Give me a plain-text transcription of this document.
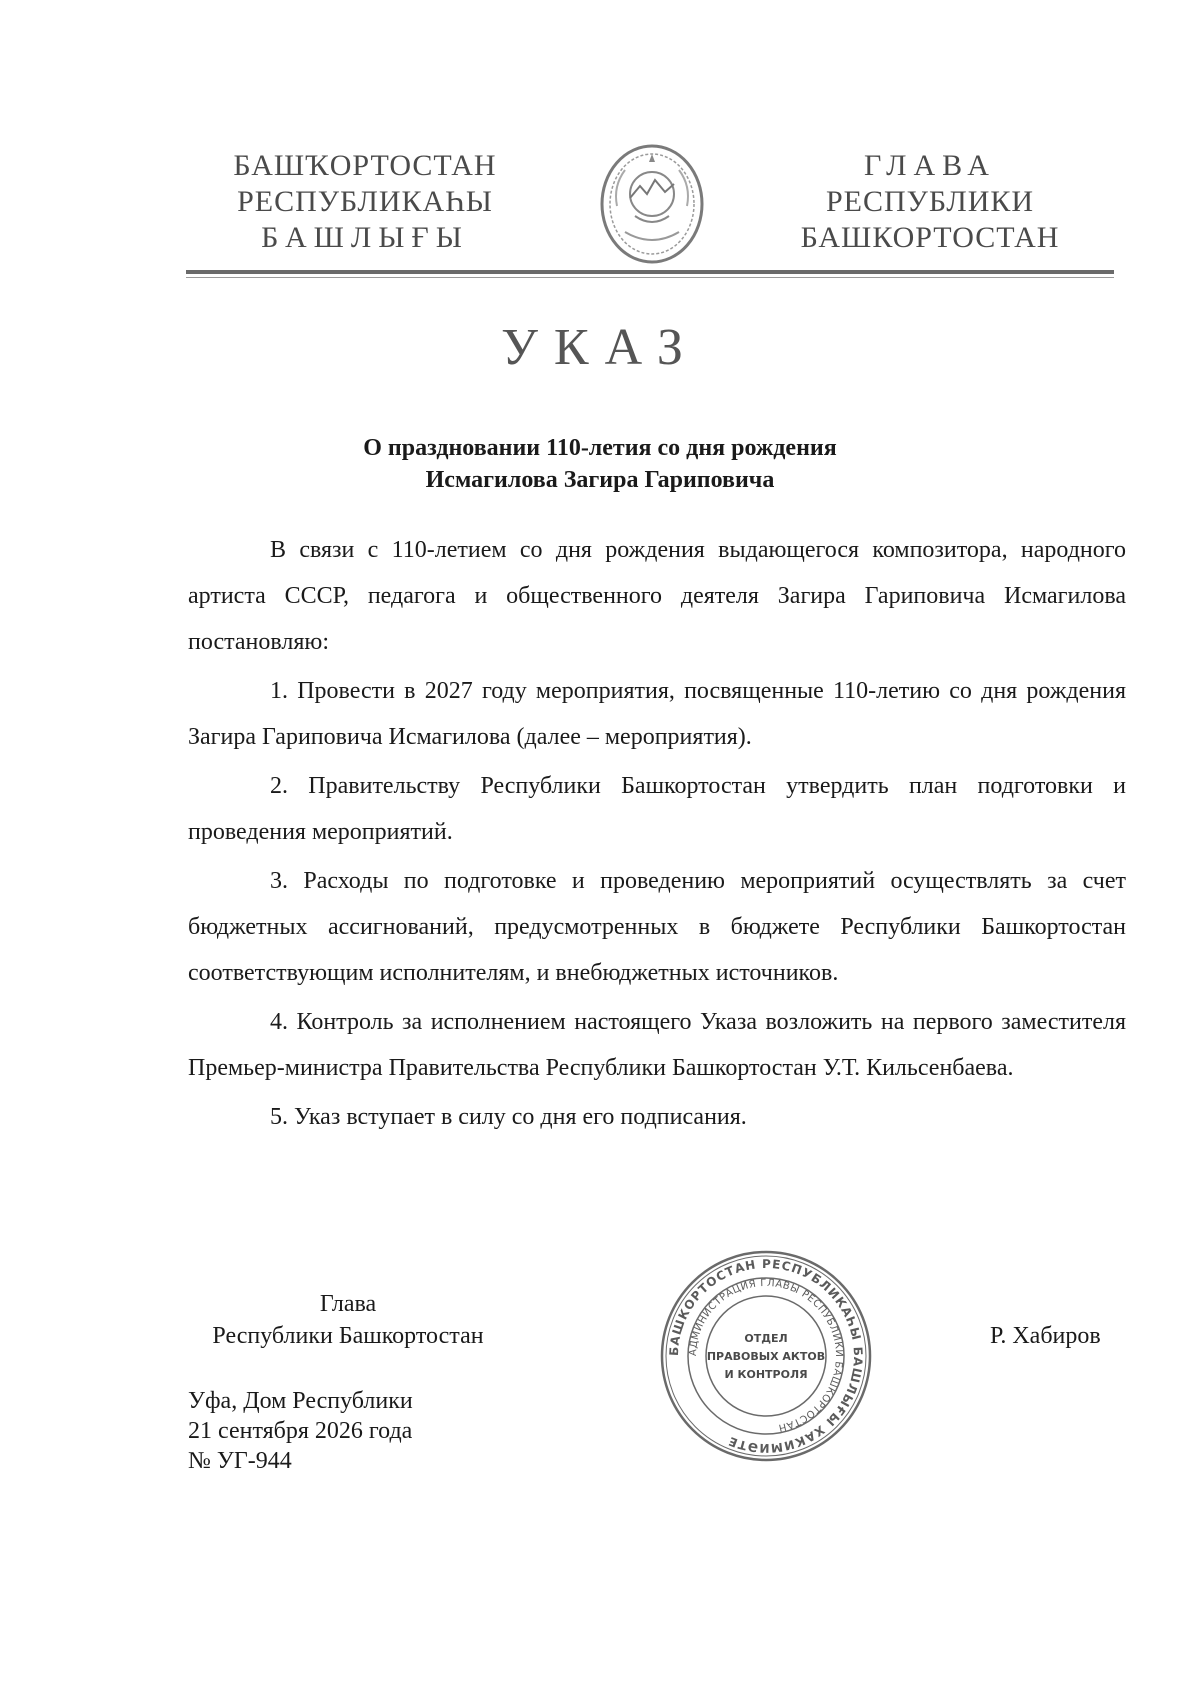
БАШҠОРТОСТАН
РЕСПУБЛИКАҺЫ
БАШЛЫҒЫ
ГЛАВА
РЕСПУБЛИКИ
БАШКОРТОСТАН
УКАЗ
О праздновании 110-летия со дня рождения
Исмагилова Загира Гариповича

В связи с 110-летием со дня рождения выдающегося композитора, народного артиста СССР, педагога и общественного деятеля Загира Гариповича Исмагилова постановляю:

1. Провести в 2027 году мероприятия, посвященные 110-летию со дня рождения Загира Гариповича Исмагилова (далее – мероприятия).

2. Правительству Республики Башкортостан утвердить план подготовки и проведения мероприятий.

3. Расходы по подготовке и проведению мероприятий осуществлять за счет бюджетных ассигнований, предусмотренных в бюджете Республики Башкортостан соответствующим исполнителям, и внебюджетных источников.

4. Контроль за исполнением настоящего Указа возложить на первого заместителя Премьер-министра Правительства Республики Башкортостан У.Т. Кильсенбаева.

5. Указ вступает в силу со дня его подписания.

Глава
Республики Башкортостан
БАШКОРТОСТАН РЕСПУБЛИКАҺЫ БАШЛЫҒЫ ХАКИМИӘТЕ
АДМИНИСТРАЦИЯ ГЛАВЫ РЕСПУБЛИКИ БАШКОРТОСТАН
ОТДЕЛ
ПРАВОВЫХ АКТОВ
И КОНТРОЛЯ
Р. Хабиров
Уфа, Дом Республики
21 сентября 2026 года
№ УГ-944
